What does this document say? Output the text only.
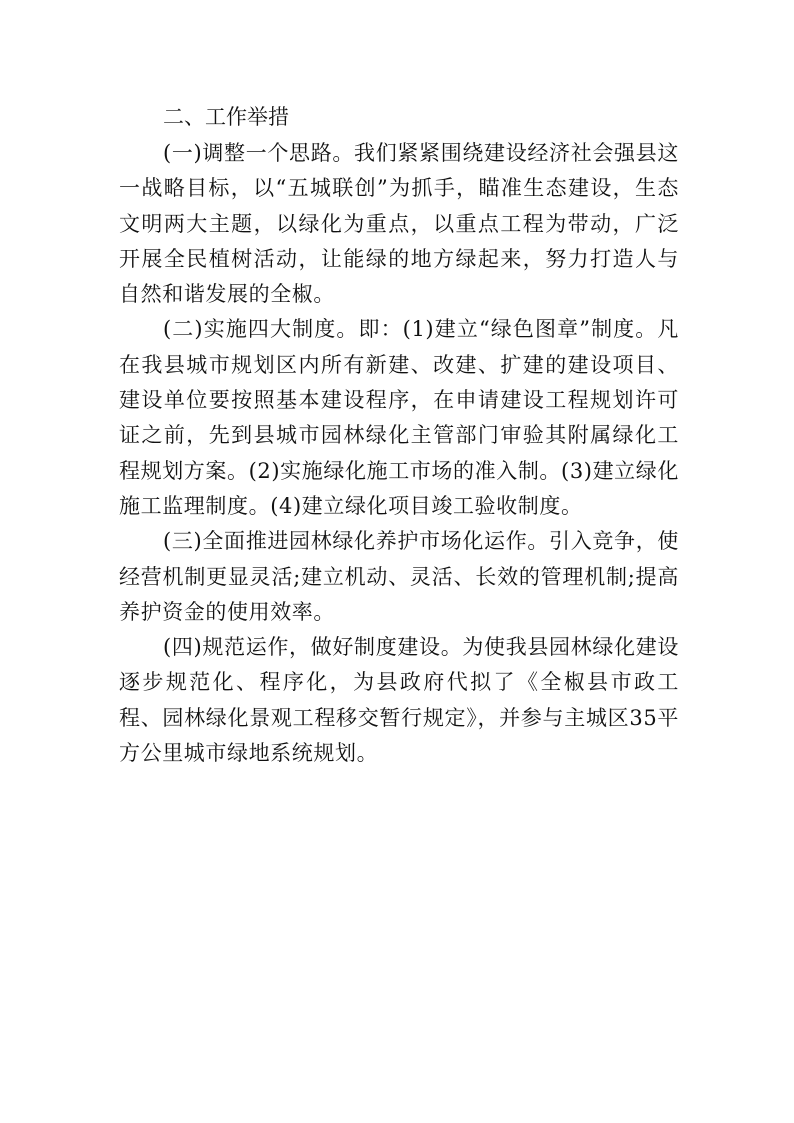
二、工作举措

(一)调整一个思路。我们紧紧围绕建设经济社会强县这一战略目标，以“五城联创”为抓手，瞄准生态建设，生态文明两大主题，以绿化为重点，以重点工程为带动，广泛开展全民植树活动，让能绿的地方绿起来，努力打造人与自然和谐发展的全椒。

(二)实施四大制度。即：(1)建立“绿色图章”制度。凡在我县城市规划区内所有新建、改建、扩建的建设项目、建设单位要按照基本建设程序，在申请建设工程规划许可证之前，先到县城市园林绿化主管部门审验其附属绿化工程规划方案。(2)实施绿化施工市场的准入制。(3)建立绿化施工监理制度。(4)建立绿化项目竣工验收制度。

(三)全面推进园林绿化养护市场化运作。引入竞争，使经营机制更显灵活;建立机动、灵活、长效的管理机制;提高养护资金的使用效率。

(四)规范运作，做好制度建设。为使我县园林绿化建设逐步规范化、程序化，为县政府代拟了《全椒县市政工程、园林绿化景观工程移交暂行规定》，并参与主城区35平方公里城市绿地系统规划。
